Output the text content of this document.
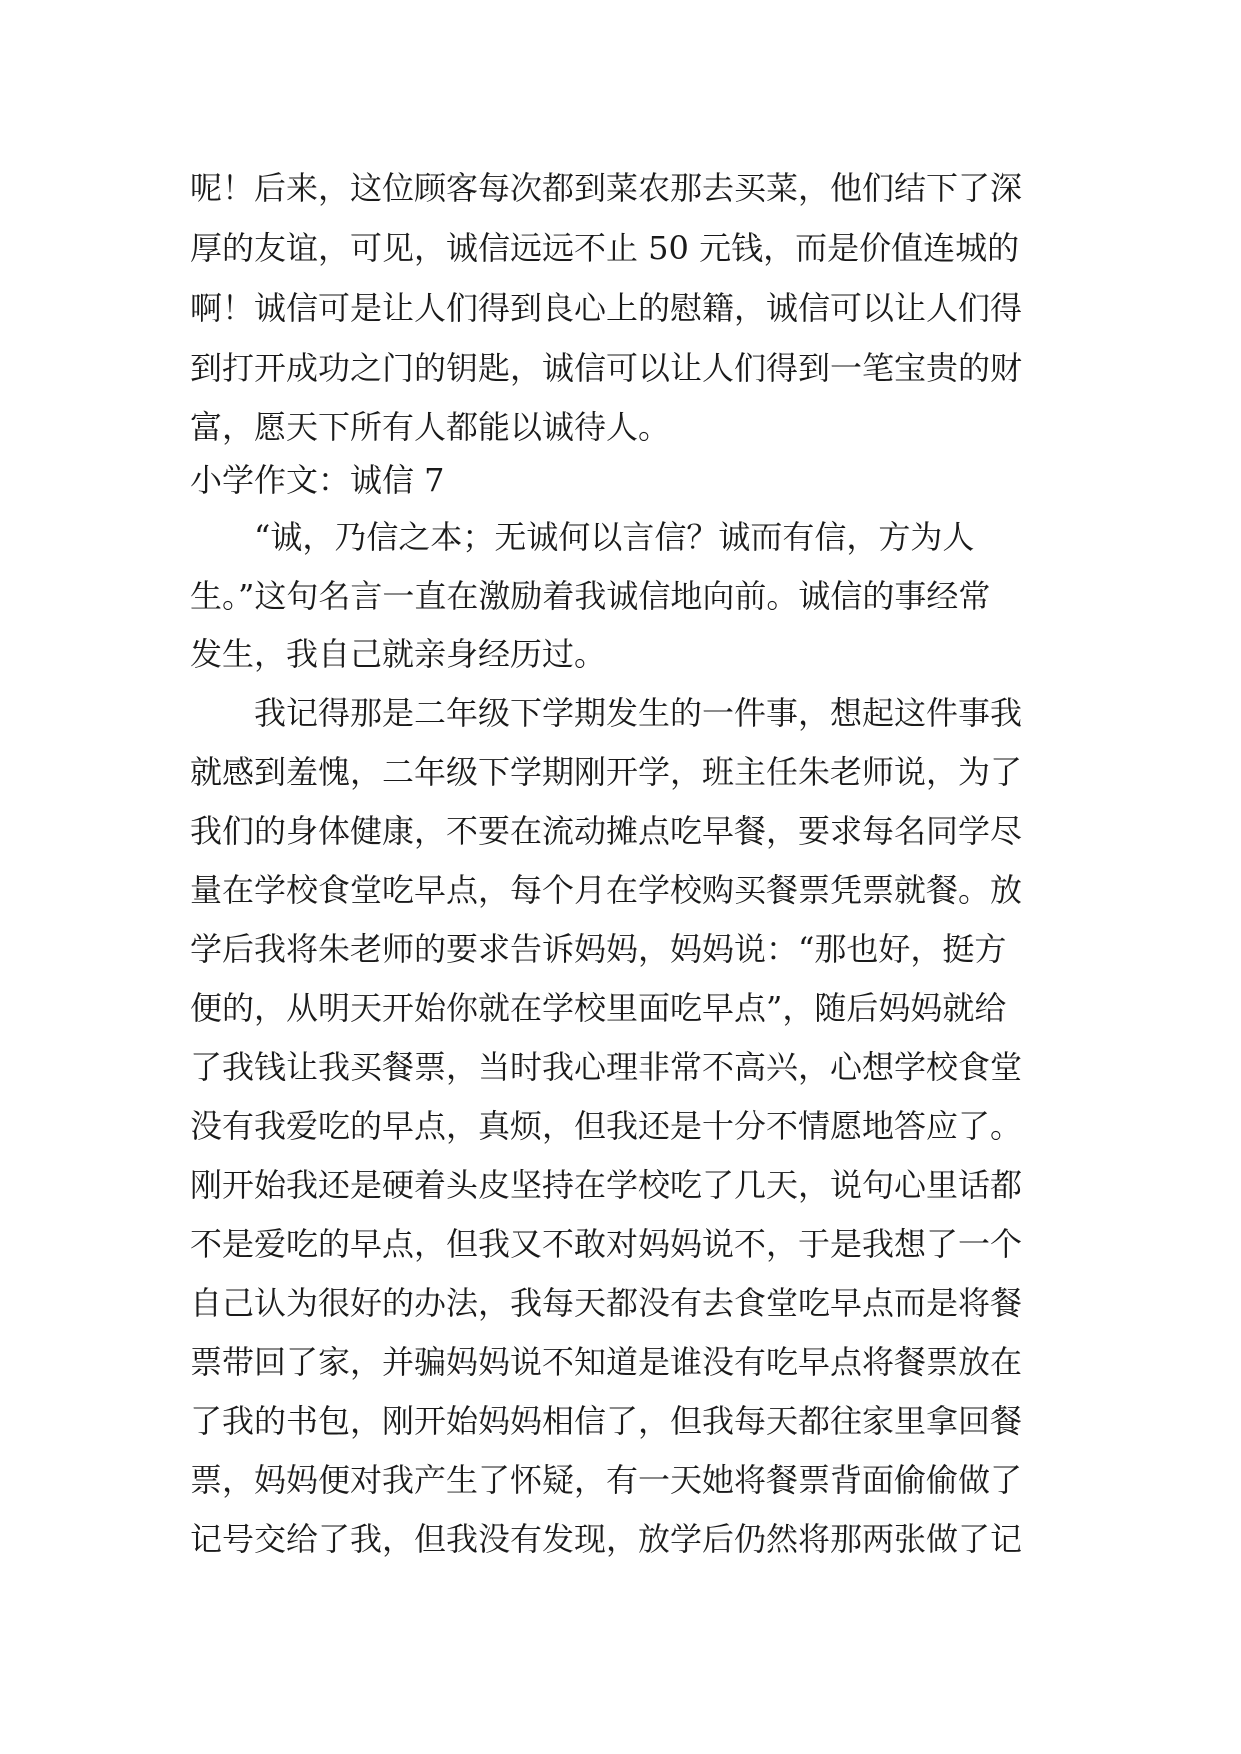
呢！后来，这位顾客每次都到菜农那去买菜，他们结下了深

厚的友谊，可见，诚信远远不止 50 元钱，而是价值连城的

啊！诚信可是让人们得到良心上的慰籍，诚信可以让人们得

到打开成功之门的钥匙，诚信可以让人们得到一笔宝贵的财

富，愿天下所有人都能以诚待人。

小学作文：诚信 7

　　“诚，乃信之本；无诚何以言信？诚而有信，方为人

生。”这句名言一直在激励着我诚信地向前。诚信的事经常

发生，我自己就亲身经历过。

　　我记得那是二年级下学期发生的一件事，想起这件事我

就感到羞愧，二年级下学期刚开学，班主任朱老师说，为了

我们的身体健康，不要在流动摊点吃早餐，要求每名同学尽

量在学校食堂吃早点，每个月在学校购买餐票凭票就餐。放

学后我将朱老师的要求告诉妈妈，妈妈说：“那也好，挺方

便的，从明天开始你就在学校里面吃早点”，随后妈妈就给

了我钱让我买餐票，当时我心理非常不高兴，心想学校食堂

没有我爱吃的早点，真烦，但我还是十分不情愿地答应了。

刚开始我还是硬着头皮坚持在学校吃了几天，说句心里话都

不是爱吃的早点，但我又不敢对妈妈说不，于是我想了一个

自己认为很好的办法，我每天都没有去食堂吃早点而是将餐

票带回了家，并骗妈妈说不知道是谁没有吃早点将餐票放在

了我的书包，刚开始妈妈相信了，但我每天都往家里拿回餐

票，妈妈便对我产生了怀疑，有一天她将餐票背面偷偷做了

记号交给了我，但我没有发现，放学后仍然将那两张做了记
